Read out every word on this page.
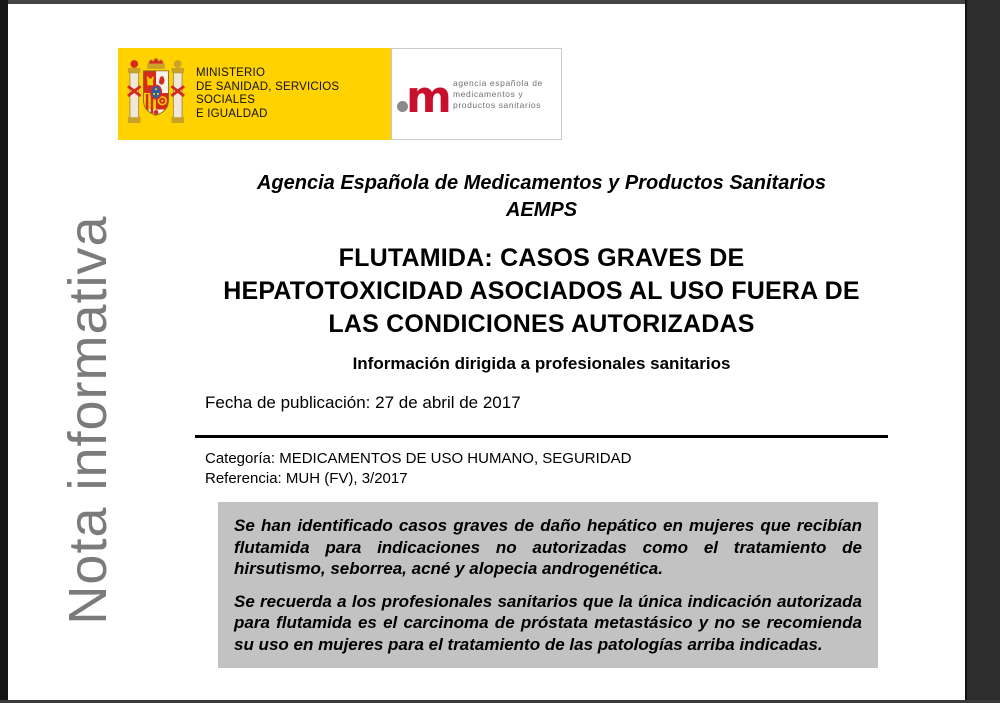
MINISTERIO
DE SANIDAD, SERVICIOS SOCIALES
E IGUALDAD	m agencia española de
medicamentos y
productos sanitarios
Nota informativa
Agencia Española de Medicamentos y Productos Sanitarios
AEMPS
FLUTAMIDA: CASOS GRAVES DE
HEPATOTOXICIDAD ASOCIADOS AL USO FUERA DE
LAS CONDICIONES AUTORIZADAS
Información dirigida a profesionales sanitarios
Fecha de publicación: 27 de abril de 2017
Categoría: MEDICAMENTOS DE USO HUMANO, SEGURIDAD
Referencia: MUH (FV), 3/2017

Se han identificado casos graves de daño hepático en mujeres que recibían flutamida para indicaciones no autorizadas como el tratamiento de hirsutismo, seborrea, acné y alopecia androgenética.

Se recuerda a los profesionales sanitarios que la única indicación autorizada para flutamida es el carcinoma de próstata metastásico y no se recomienda su uso en mujeres para el tratamiento de las patologías arriba indicadas.
